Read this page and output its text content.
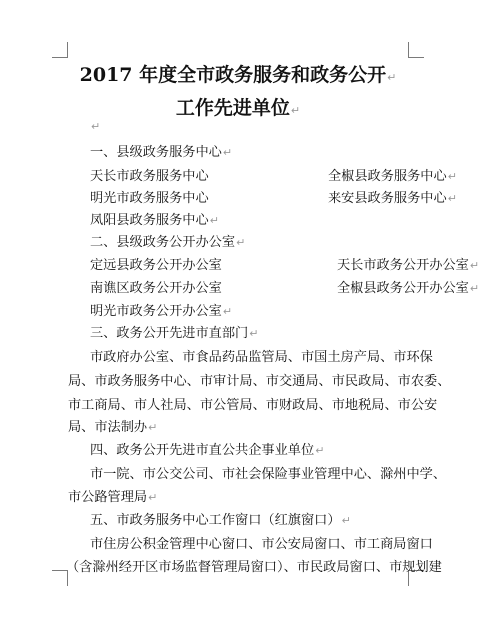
2017 年度全市政务服务和政务公开↵
工作先进单位↵
↵
一、县级政务服务中心↵
天长市政务服务中心	全椒县政务服务中心↵
明光市政务服务中心	来安县政务服务中心↵
凤阳县政务服务中心↵
二、县级政务公开办公室↵
定远县政务公开办公室	天长市政务公开办公室↵
南谯区政务公开办公室	全椒县政务公开办公室↵
明光市政务公开办公室↵
三、政务公开先进市直部门↵
市政府办公室、市食品药品监管局、市国土房产局、市环保
局、市政务服务中心、市审计局、市交通局、市民政局、市农委、
市工商局、市人社局、市公管局、市财政局、市地税局、市公安
局、市法制办↵
四、政务公开先进市直公共企事业单位↵
市一院、市公交公司、市社会保险事业管理中心、滁州中学、
市公路管理局↵
五、市政务服务中心工作窗口（红旗窗口）↵
市住房公积金管理中心窗口、市公安局窗口、市工商局窗口
（含滁州经开区市场监督管理局窗口）、市民政局窗口、市规划建
